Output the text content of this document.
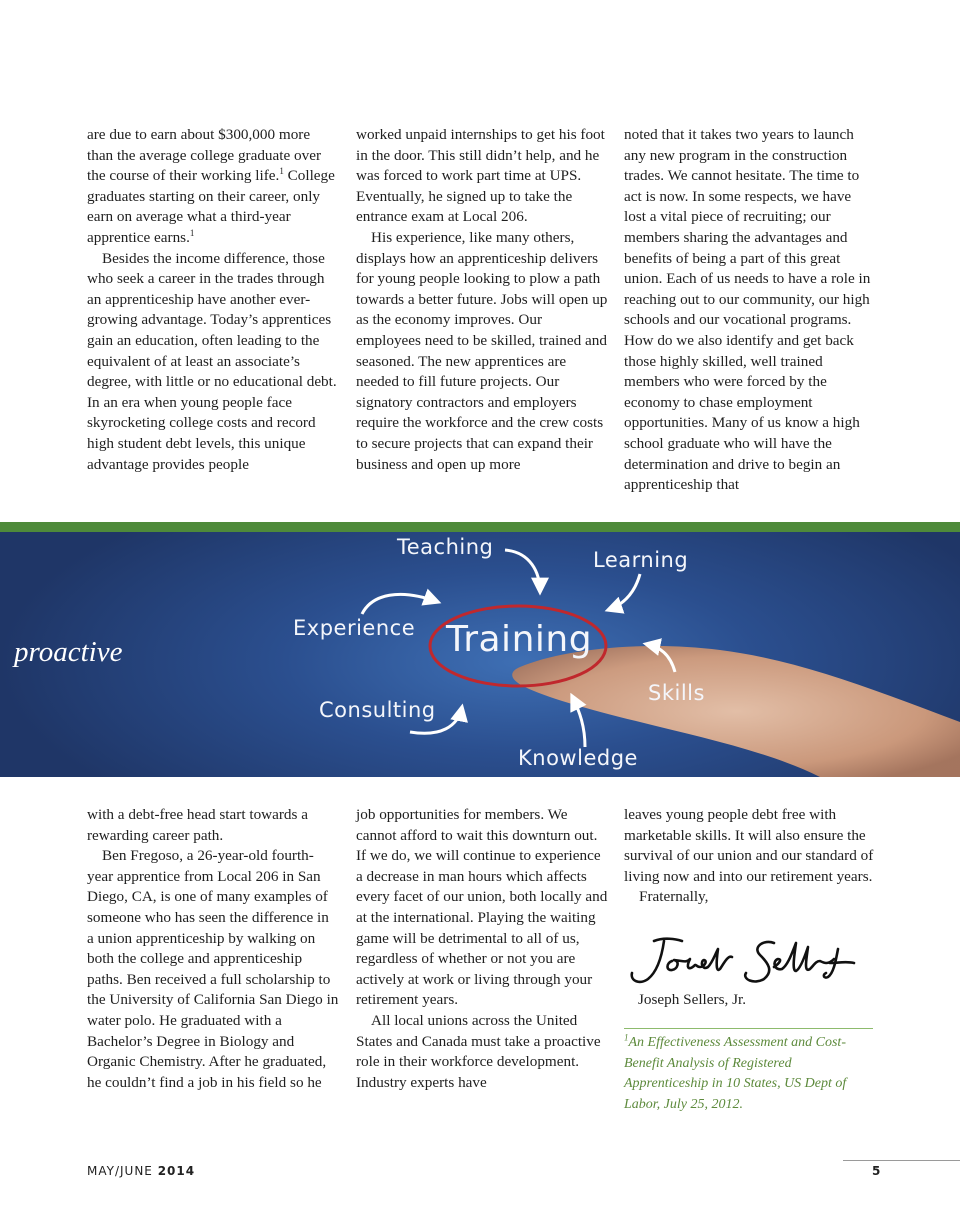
are due to earn about $300,000 more than the average college graduate over the course of their working life.$^1$ College graduates starting on their career, only earn on average what a third-year apprentice earns.$^1$

Besides the income difference, those who seek a career in the trades through an apprenticeship have another ever-growing advantage. Today’s apprentices gain an education, often leading to the equivalent of at least an associate’s degree, with little or no educational debt. In an era when young people face skyrocketing college costs and record high student debt levels, this unique advantage provides people

worked unpaid internships to get his foot in the door. This still didn’t help, and he was forced to work part time at UPS. Eventually, he signed up to take the entrance exam at Local 206.

His experience, like many others, displays how an apprenticeship delivers for young people looking to plow a path towards a better future. Jobs will open up as the economy improves. Our employees need to be skilled, trained and seasoned. The new apprentices are needed to fill future projects. Our signatory contractors and employers require the workforce and the crew costs to secure projects that can expand their business and open up more

noted that it takes two years to launch any new program in the construction trades. We cannot hesitate. The time to act is now. In some respects, we have lost a vital piece of recruiting; our members sharing the advantages and benefits of being a part of this great union. Each of us needs to have a role in reaching out to our community, our high schools and our vocational programs. How do we also identify and get back those highly skilled, well trained members who were forced by the economy to chase employment opportunities. Many of us know a high school graduate who will have the determination and drive to begin an apprenticeship that

proactive
Teaching
Learning
Experience Training
Skills
Consulting
Knowledge

with a debt-free head start towards a rewarding career path.

Ben Fregoso, a 26-year-old fourth-year apprentice from Local 206 in San Diego, CA, is one of many examples of someone who has seen the difference in a union apprenticeship by walking on both the college and apprenticeship paths. Ben received a full scholarship to the University of California San Diego in water polo. He graduated with a Bachelor’s Degree in Biology and Organic Chemistry. After he graduated, he couldn’t find a job in his field so he

job opportunities for members. We cannot afford to wait this downturn out. If we do, we will continue to experience a decrease in man hours which affects every facet of our union, both locally and at the international. Playing the waiting game will be detrimental to all of us, regardless of whether or not you are actively at work or living through your retirement years.

All local unions across the United States and Canada must take a proactive role in their workforce development. Industry experts have

leaves young people debt free with marketable skills. It will also ensure the survival of our union and our standard of living now and into our retirement years.

Fraternally,

Joseph Sellers, Jr.
$^1$An Effectiveness Assessment and Cost-Benefit Analysis of Registered Apprenticeship in 10 States, US Dept of Labor, July 25, 2012.
MAY/JUNE 2014	5
